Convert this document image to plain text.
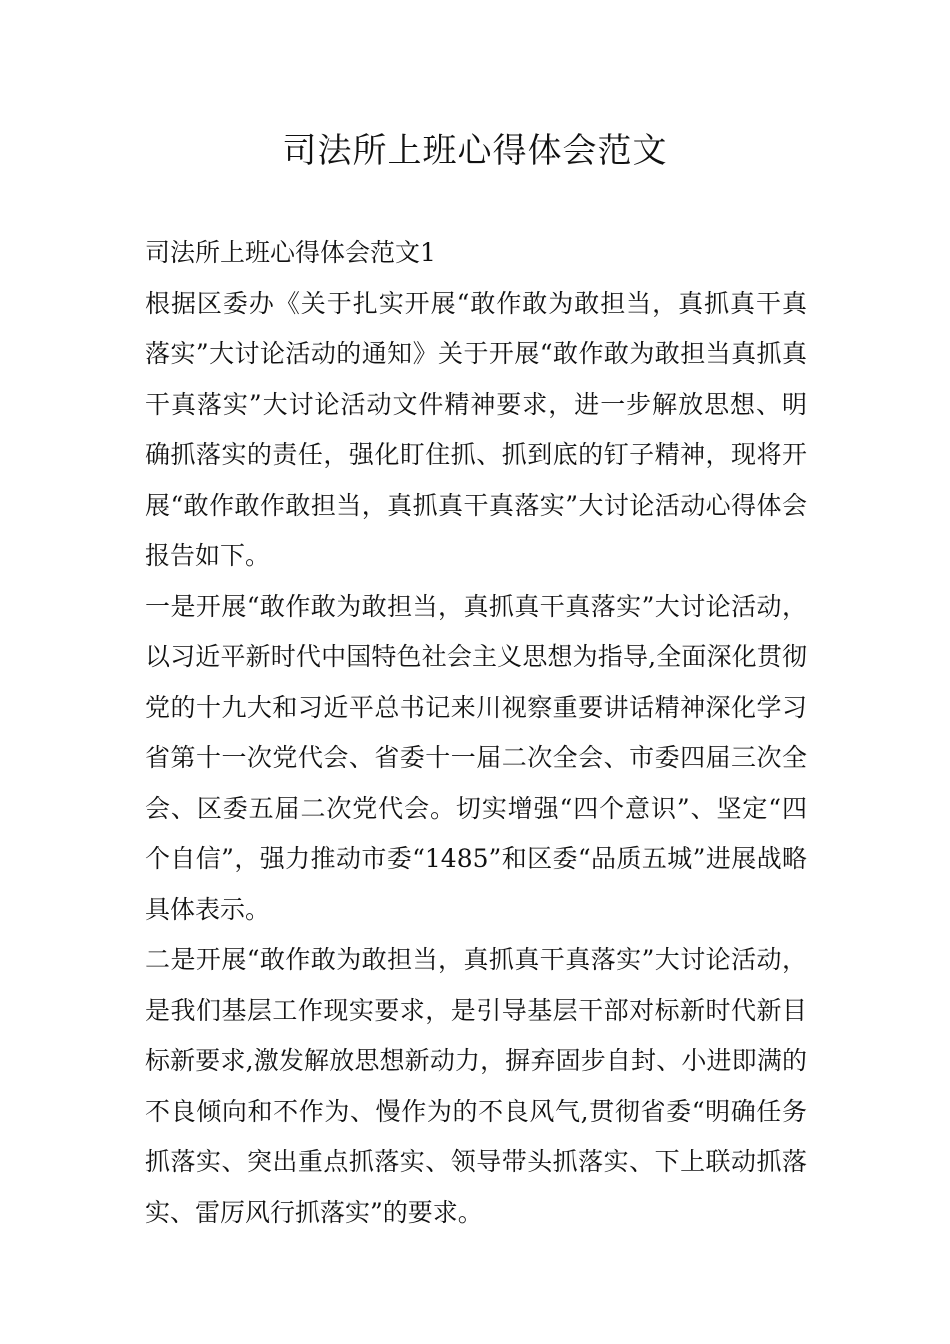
司法所上班心得体会范文

司法所上班心得体会范文1

根据区委办《关于扎实开展“敢作敢为敢担当，真抓真干真落实”大讨论活动的通知》关于开展“敢作敢为敢担当真抓真干真落实”大讨论活动文件精神要求，进一步解放思想、明确抓落实的责任，强化盯住抓、抓到底的钉子精神，现将开展“敢作敢作敢担当，真抓真干真落实”大讨论活动心得体会报告如下。

一是开展“敢作敢为敢担当，真抓真干真落实”大讨论活动，以习近平新时代中国特色社会主义思想为指导,全面深化贯彻党的十九大和习近平总书记来川视察重要讲话精神深化学习省第十一次党代会、省委十一届二次全会、市委四届三次全会、区委五届二次党代会。切实增强“四个意识”、坚定“四个自信”，强力推动市委“1485”和区委“品质五城”进展战略具体表示。

二是开展“敢作敢为敢担当，真抓真干真落实”大讨论活动，是我们基层工作现实要求，是引导基层干部对标新时代新目标新要求,激发解放思想新动力，摒弃固步自封、小进即满的不良倾向和不作为、慢作为的不良风气,贯彻省委“明确任务抓落实、突出重点抓落实、领导带头抓落实、下上联动抓落实、雷厉风行抓落实”的要求。
